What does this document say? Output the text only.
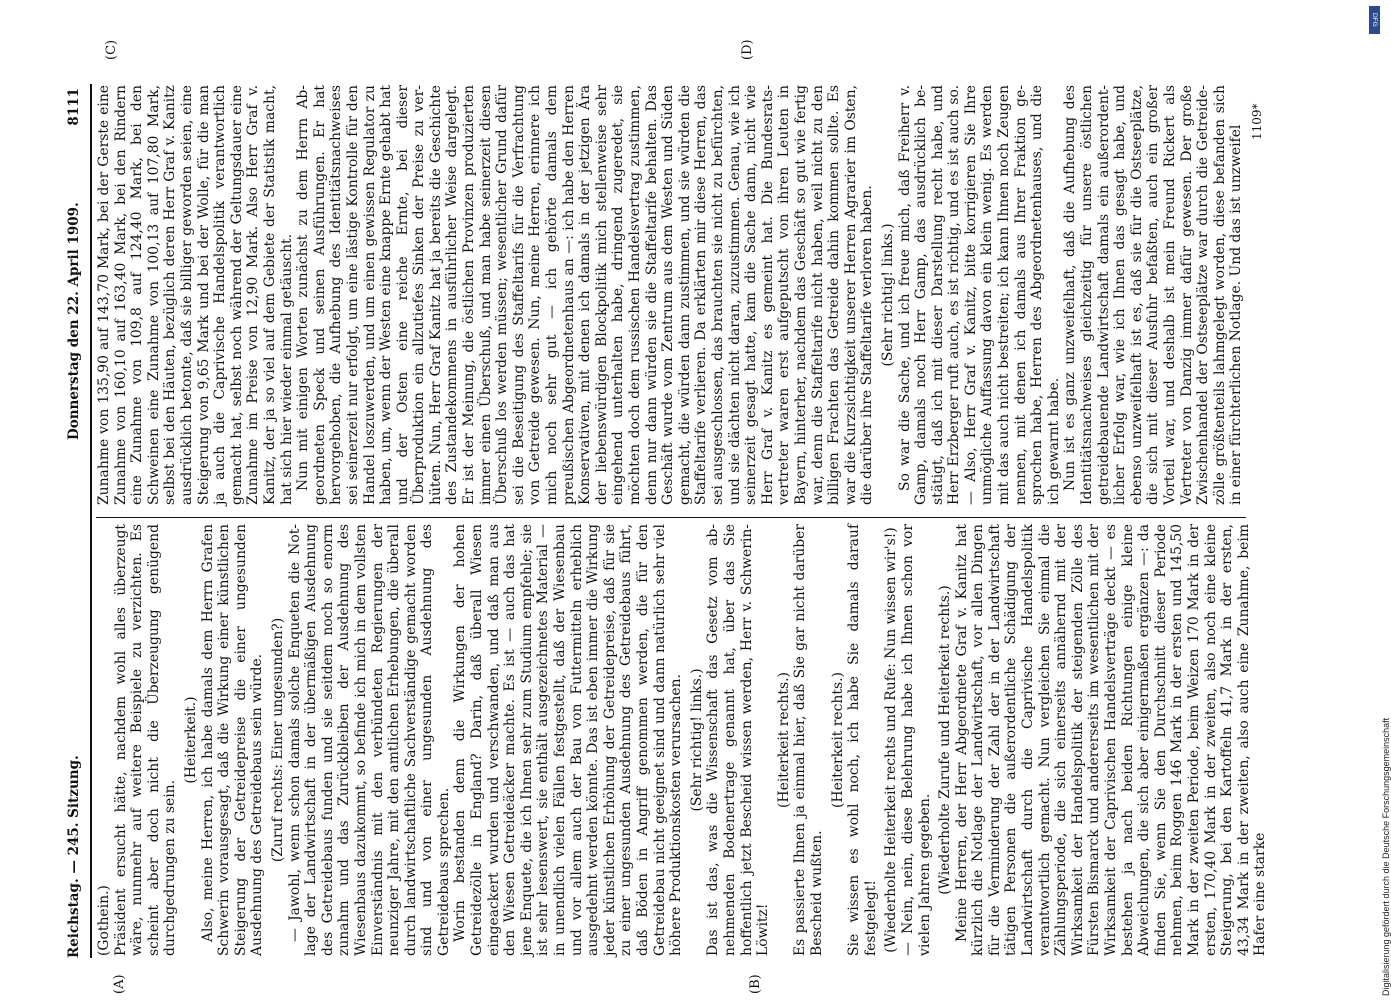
Reichstag. — 245. Sitzung.
Donnerstag den 22. April 1909.
8111
(A)	(B)
(C)	(D)

(Gothein.) Präsident ersucht hätte, nachdem wohl alles überzeugt wäre, nunmehr auf weitere Beispiele zu verzichten. Es scheint aber doch nicht die Überzeugung genügend durchgedrungen zu sein.

(Heiterkeit.) Also, meine Herren, ich habe damals dem Herrn Grafen Schwerin vorausgesagt, daß die Wirkung einer künstlichen Steigerung der Getreidepreise die einer ungesunden Ausdehnung des Getreidebaus sein würde. (Zuruf rechts: Einer ungesunden?) — Jawohl, wenn schon damals solche Enqueten die Notlage der Landwirtschaft in der übermäßigen Ausdehnung des Getreidebaus funden und sie seitdem noch so enorm zunahm und das Zurückbleiben der Ausdehnung des Wiesenbaus dazukommt, so befinde ich mich in dem vollsten Einverständnis mit den verbündeten Regierungen der neunziger Jahre, mit den amtlichen Erhebungen, die überall durch landwirtschaftliche Sachverständige gemacht worden sind und von einer ungesunden Ausdehnung des Getreidebaus sprechen. Worin bestanden denn die Wirkungen der hohen Getreidezölle in England? Darin, daß überall Wiesen eingeackert wurden und verschwanden, und daß man aus den Wiesen Getreideäcker machte. Es ist — auch das hat jene Enquete, die ich Ihnen sehr zum Studium empfehle; sie ist sehr lesenswert, sie enthält ausgezeichnetes Material — in unendlich vielen Fällen festgestellt, daß der Wiesenbau und vor allem auch der Bau von Futtermitteln erheblich ausgedehnt werden könnte. Das ist eben immer die Wirkung jeder künstlichen Erhöhung der Getreidepreise, daß für sie zu einer ungesunden Ausdehnung des Getreidebaus führt, daß Böden in Angriff genommen werden, die für den Getreidebau nicht geeignet sind und dann natürlich sehr viel höhere Produktionskosten verursachen. (Sehr richtig! links.) Das ist das, was die Wissenschaft das Gesetz vom abnehmenden Bodenertrage genannt hat, über das Sie hoffentlich jetzt Bescheid wissen werden, Herr v. Schwerin-Löwitz!

(Heiterkeit rechts.) Es passierte Ihnen ja einmal hier, daß Sie gar nicht darüber Bescheid wußten.

(Heiterkeit rechts.) Sie wissen es wohl noch, ich habe Sie damals darauf festgelegt! (Wiederholte Heiterkeit rechts und Rufe: Nun wissen wir's!) — Nein, nein, diese Belehrung habe ich Ihnen schon vor vielen Jahren gegeben. (Wiederholte Zurufe und Heiterkeit rechts.) Meine Herren, der Herr Abgeordnete Graf v. Kanitz hat kürzlich die Notlage der Landwirtschaft, vor allen Dingen für die Verminderung der Zahl der in der Landwirtschaft tätigen Personen die außerordentliche Schädigung der Landwirtschaft durch die Caprivische Handelspolitik verantwortlich gemacht. Nun vergleichen Sie einmal die Zählungsperiode, die sich einerseits annähernd mit der Wirksamkeit der Handelspolitik der steigenden Zölle des Fürsten Bismarck und andererseits im wesentlichen mit der Wirksamkeit der Caprivischen Handelsverträge deckt — es bestehen ja nach beiden Richtungen einige kleine Abweichungen, die sich aber einigermaßen ergänzen —: da finden Sie, wenn Sie den Durchschnitt dieser Periode nehmen, beim Roggen 146 Mark in der ersten und 145,50 Mark in der zweiten Periode, beim Weizen 170 Mark in der ersten, 170,40 Mark in der zweiten, also noch eine kleine Steigerung, bei den Kartoffeln 41,7 Mark in der ersten, 43,34 Mark in der zweiten, also auch eine Zunahme, beim Hafer eine starke

Zunahme von 135,90 auf 143,70 Mark, bei der Gerste eine Zunahme von 160,10 auf 163,40 Mark, bei den Rindern eine Zunahme von 109,8 auf 124,40 Mark, bei den Schweinen eine Zunahme von 100,13 auf 107,80 Mark, selbst bei den Häuten, bezüglich deren Herr Graf v. Kanitz ausdrücklich betonte, daß sie billiger geworden seien, eine Steigerung von 9,65 Mark und bei der Wolle, für die man ja auch die Caprivische Handelspolitik verantwortlich gemacht hat, selbst noch während der Geltungsdauer eine Zunahme im Preise von 12,90 Mark. Also Herr Graf v. Kanitz, der ja so viel auf dem Gebiete der Statistik macht, hat sich hier wieder einmal getäuscht. Nun mit einigen Worten zunächst zu dem Herrn Abgeordneten Speck und seinen Ausführungen. Er hat hervorgehoben, die Aufhebung des Identitätsnachweises sei seinerzeit nur erfolgt, um eine lästige Kontrolle für den Handel loszuwerden, und um einen gewissen Regulator zu haben, um, wenn der Westen eine knappe Ernte gehabt hat und der Osten eine reiche Ernte, bei dieser Überproduktion ein allzutiefes Sinken der Preise zu verhüten. Nun, Herr Graf Kanitz hat ja bereits die Geschichte des Zustandekommens in ausführlicher Weise dargelegt. Er ist der Meinung, die östlichen Provinzen produzierten immer einen Überschuß, und man habe seinerzeit diesen Überschuß los werden müssen; wesentlicher Grund dafür sei die Beseitigung des Staffeltarifs für die Verfrachtung von Getreide gewesen. Nun, meine Herren, erinnere ich mich noch sehr gut — ich gehörte damals dem preußischen Abgeordnetenhaus an —: ich habe den Herren Konservativen, mit denen ich damals in der jetzigen Ära der liebenswürdigen Blockpolitik mich stellenweise sehr eingehend unterhalten habe, dringend zugeredet, sie möchten doch dem russischen Handelsvertrag zustimmen, denn nur dann würden sie die Staffeltarife behalten. Das Geschäft wurde vom Zentrum aus dem Westen und Süden gemacht, die würden dann zustimmen, und sie würden die Staffeltarife verlieren. Da erklärten mir diese Herren, das sei ausgeschlossen, das brauchten sie nicht zu befürchten, und sie dächten nicht daran, zuzustimmen. Genau, wie ich seinerzeit gesagt hatte, kam die Sache dann, nicht wie Herr Graf v. Kanitz es gemeint hat. Die Bundesratsvertreter waren erst aufgeputscht von ihren Leuten in Bayern, hinterher, nachdem das Geschäft so gut wie fertig war, denn die Staffeltarife nicht haben, weil nicht zu den billigen Frachten das Getreide dahin kommen sollte. Es war die Kurzsichtigkeit unserer Herren Agrarier im Osten, die darüber ihre Staffeltarife verloren haben. (Sehr richtig! links.) So war die Sache, und ich freue mich, daß Freiherr v. Gamp, damals noch Herr Gamp, das ausdrücklich bestätigt, daß ich mit dieser Darstellung recht habe, und Herr Erzberger ruft auch, es ist richtig, und es ist auch so. — Also, Herr Graf v. Kanitz, bitte korrigieren Sie Ihre unmögliche Auffassung davon ein klein wenig. Es werden mit das auch nicht bestreiten; ich kann Ihnen noch Zeugen nennen, mit denen ich damals aus Ihrer Fraktion gesprochen habe, Herren des Abgeordnetenhauses, und die ich gewarnt habe. Nun ist es ganz unzweifelhaft, daß die Aufhebung des Identitätsnachweises gleichzeitig für unsere östlichen getreidebauende Landwirtschaft damals ein außerordentlicher Erfolg war, wie ich Ihnen das gesagt habe, und ebenso unzweifelhaft ist es, daß sie für die Ostseeplätze, die sich mit dieser Ausfuhr befaßten, auch ein großer Vorteil war, und deshalb ist mein Freund Rickert als Vertreter von Danzig immer dafür gewesen. Der große Zwischenhandel der Ostseeplätze war durch die Getreidezölle größtenteils lahmgelegt worden, diese befanden sich in einer fürchterlichen Notlage. Und das ist unzweifel

1109*
Digitalisierung gefördert durch die Deutsche Forschungsgemeinschaft
DFG
